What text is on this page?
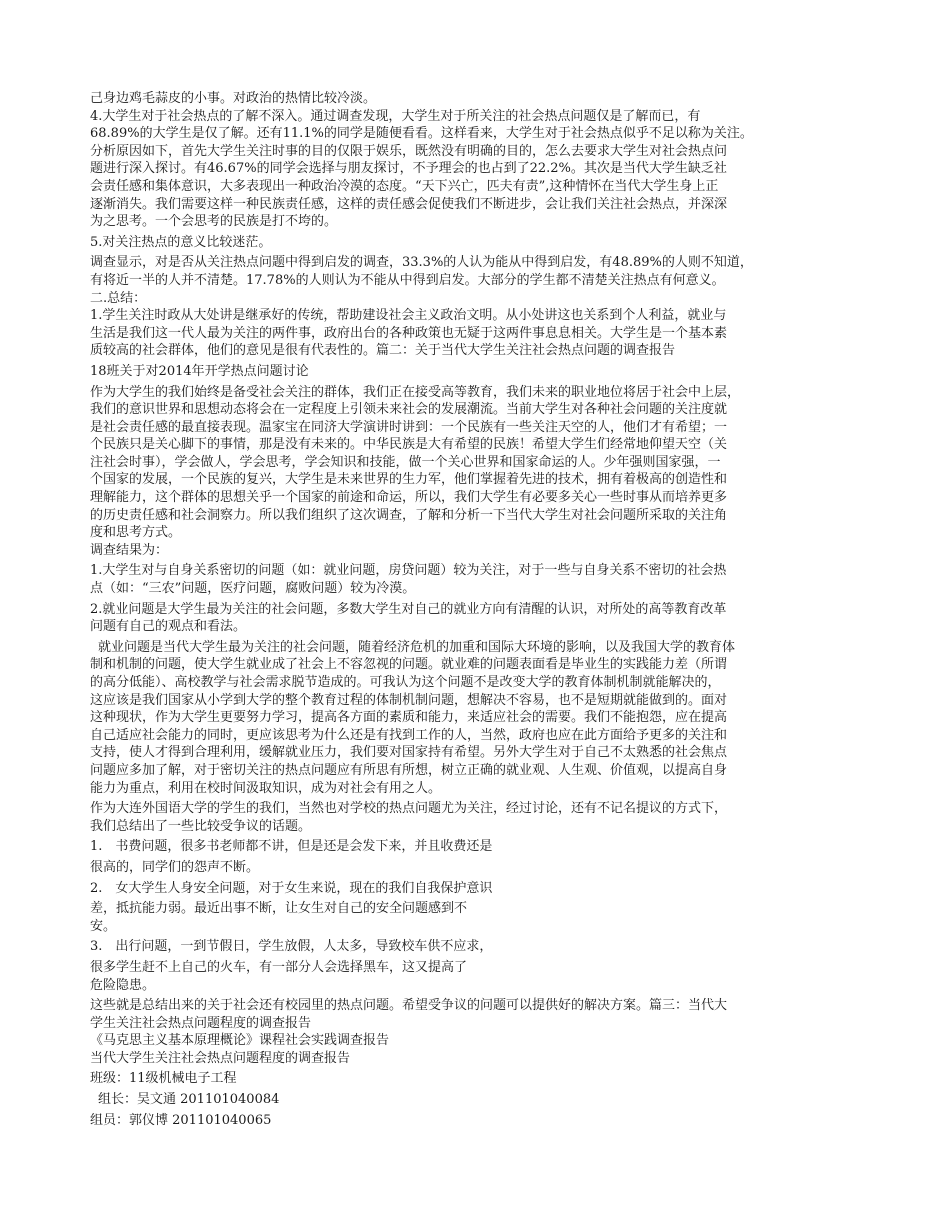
己身边鸡毛蒜皮的小事。对政治的热情比较冷淡。
4.大学生对于社会热点的了解不深入。通过调查发现，大学生对于所关注的社会热点问题仅是了解而已，有
68.89%的大学生是仅了解。还有11.1%的同学是随便看看。这样看来，大学生对于社会热点似乎不足以称为关注。
分析原因如下，首先大学生关注时事的目的仅限于娱乐，既然没有明确的目的，怎么去要求大学生对社会热点问
题进行深入探讨。有46.67%的同学会选择与朋友探讨，不予理会的也占到了22.2%。其次是当代大学生缺乏社
会责任感和集体意识，大多表现出一种政治冷漠的态度。“天下兴亡，匹夫有责”,这种情怀在当代大学生身上正
逐渐消失。我们需要这样一种民族责任感，这样的责任感会促使我们不断进步，会让我们关注社会热点，并深深
为之思考。一个会思考的民族是打不垮的。
5.对关注热点的意义比较迷茫。
调查显示，对是否从关注热点问题中得到启发的调查，33.3%的人认为能从中得到启发，有48.89%的人则不知道，
有将近一半的人并不清楚。17.78%的人则认为不能从中得到启发。大部分的学生都不清楚关注热点有何意义。
二.总结：
1.学生关注时政从大处讲是继承好的传统，帮助建设社会主义政治文明。从小处讲这也关系到个人利益，就业与
生活是我们这一代人最为关注的两件事，政府出台的各种政策也无疑于这两件事息息相关。大学生是一个基本素
质较高的社会群体，他们的意见是很有代表性的。篇二：关于当代大学生关注社会热点问题的调查报告
18班关于对2014年开学热点问题讨论
作为大学生的我们始终是备受社会关注的群体，我们正在接受高等教育，我们未来的职业地位将居于社会中上层，
我们的意识世界和思想动态将会在一定程度上引领未来社会的发展潮流。当前大学生对各种社会问题的关注度就
是社会责任感的最直接表现。温家宝在同济大学演讲时讲到：一个民族有一些关注天空的人，他们才有希望；一
个民族只是关心脚下的事情，那是没有未来的。中华民族是大有希望的民族！希望大学生们经常地仰望天空（关
注社会时事），学会做人，学会思考，学会知识和技能，做一个关心世界和国家命运的人。少年强则国家强，一
个国家的发展，一个民族的复兴，大学生是未来世界的生力军，他们掌握着先进的技术，拥有着极高的创造性和
理解能力，这个群体的思想关乎一个国家的前途和命运，所以，我们大学生有必要多关心一些时事从而培养更多
的历史责任感和社会洞察力。所以我们组织了这次调查，了解和分析一下当代大学生对社会问题所采取的关注角
度和思考方式。
调查结果为：
1.大学生对与自身关系密切的问题（如：就业问题，房贷问题）较为关注，对于一些与自身关系不密切的社会热
点（如：“三农”问题，医疗问题，腐败问题）较为冷漠。
2.就业问题是大学生最为关注的社会问题，多数大学生对自己的就业方向有清醒的认识，对所处的高等教育改革
问题有自己的观点和看法。
就业问题是当代大学生最为关注的社会问题，随着经济危机的加重和国际大环境的影响，以及我国大学的教育体
制和机制的问题，使大学生就业成了社会上不容忽视的问题。就业难的问题表面看是毕业生的实践能力差（所谓
的高分低能）、高校教学与社会需求脱节造成的。可我认为这个问题不是改变大学的教育体制机制就能解决的，
这应该是我们国家从小学到大学的整个教育过程的体制机制问题，想解决不容易，也不是短期就能做到的。面对
这种现状，作为大学生更要努力学习，提高各方面的素质和能力，来适应社会的需要。我们不能抱怨，应在提高
自己适应社会能力的同时，更应该思考为什么还是有找到工作的人，当然，政府也应在此方面给予更多的关注和
支持，使人才得到合理利用，缓解就业压力，我们要对国家持有希望。另外大学生对于自己不太熟悉的社会焦点
问题应多加了解，对于密切关注的热点问题应有所思有所想，树立正确的就业观、人生观、价值观，以提高自身
能力为重点，利用在校时间汲取知识，成为对社会有用之人。
作为大连外国语大学的学生的我们，当然也对学校的热点问题尤为关注，经过讨论，还有不记名提议的方式下，
我们总结出了一些比较受争议的话题。
1.　书费问题，很多书老师都不讲，但是还是会发下来，并且收费还是
很高的，同学们的怨声不断。
2.　女大学生人身安全问题，对于女生来说，现在的我们自我保护意识
差，抵抗能力弱。最近出事不断，让女生对自己的安全问题感到不
安。
3.　出行问题，一到节假日，学生放假，人太多，导致校车供不应求，
很多学生赶不上自己的火车，有一部分人会选择黑车，这又提高了
危险隐患。
这些就是总结出来的关于社会还有校园里的热点问题。希望受争议的问题可以提供好的解决方案。篇三：当代大
学生关注社会热点问题程度的调查报告
《马克思主义基本原理概论》课程社会实践调查报告
当代大学生关注社会热点问题程度的调查报告
班级：11级机械电子工程
组长：吴文通 201101040084
组员：郭仪博 201101040065
